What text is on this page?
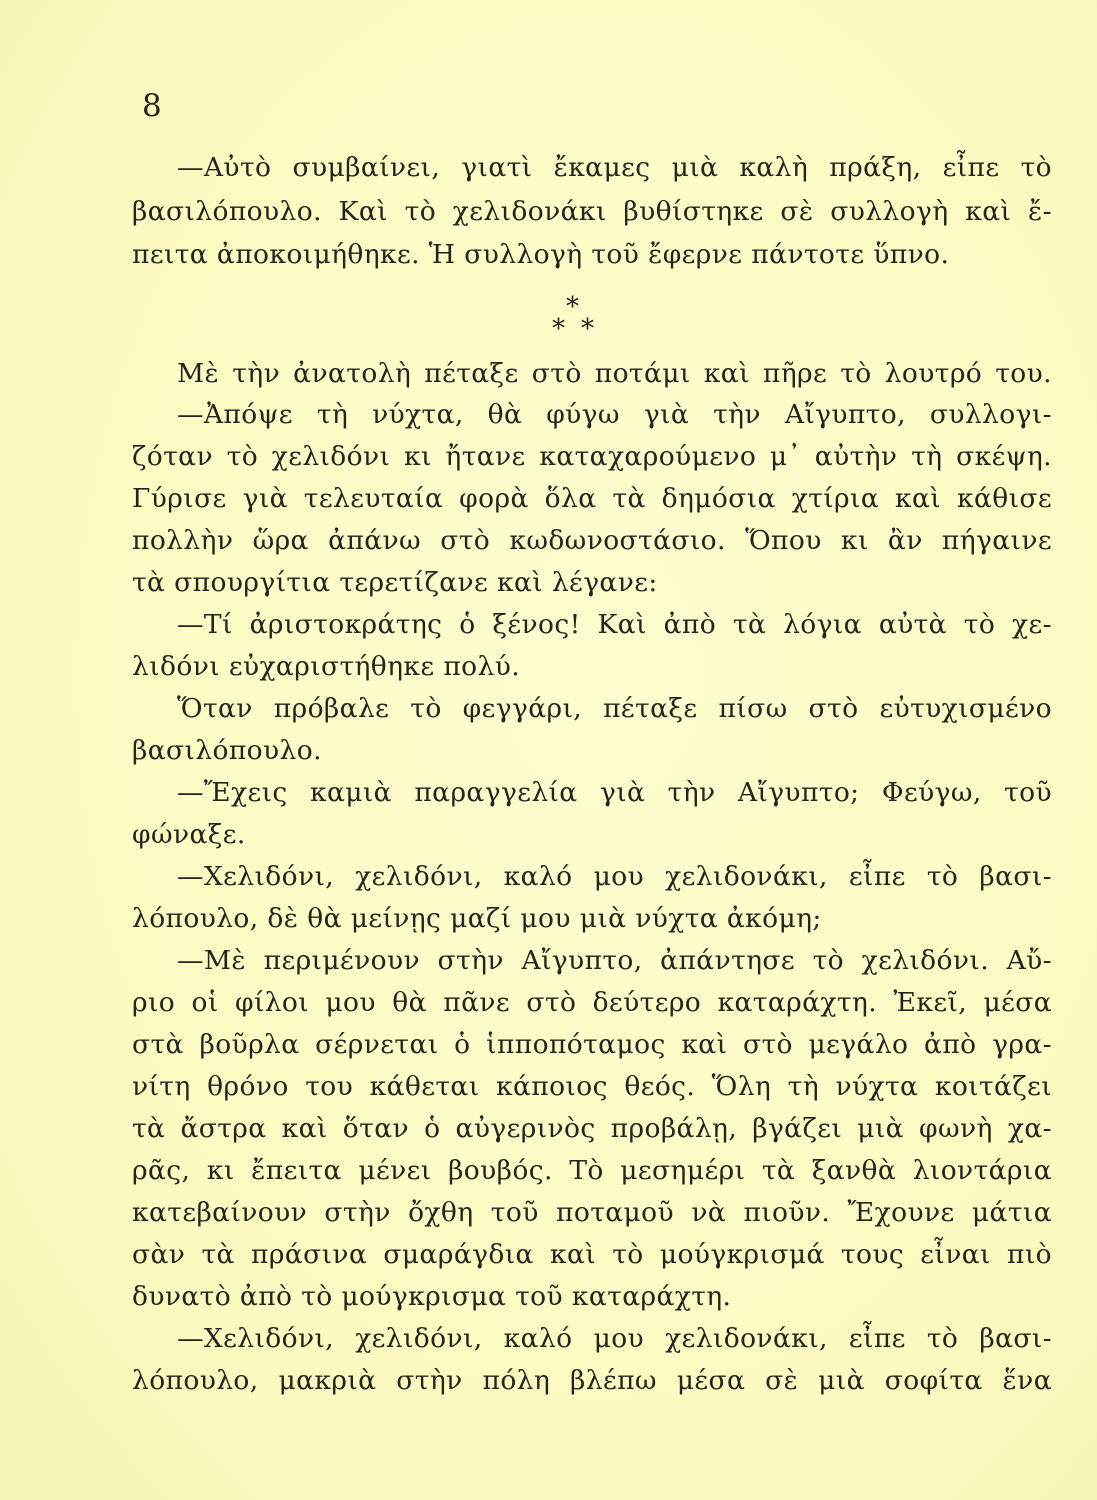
8
—Αὐτὸ συμβαίνει, γιατὶ ἔκαμες μιὰ καλὴ πράξη, εἶπε τὸ
βασιλόπουλο. Καὶ τὸ χελιδονάκι βυθίστηκε σὲ συλλογὴ καὶ ἔ-
πειτα ἀποκοιμήθηκε. Ἡ συλλογὴ τοῦ ἔφερνε πάντοτε ὕπνο.
*
* *
Μὲ τὴν ἀνατολὴ πέταξε στὸ ποτάμι καὶ πῆρε τὸ λουτρό του.
—Ἀπόψε τὴ νύχτα, θὰ φύγω γιὰ τὴν Αἴγυπτο, συλλογι-
ζόταν τὸ χελιδόνι κι ἤτανε καταχαρούμενο μ᾽ αὐτὴν τὴ σκέψη.
Γύρισε γιὰ τελευταία φορὰ ὅλα τὰ δημόσια χτίρια καὶ κάθισε
πολλὴν ὥρα ἀπάνω στὸ κωδωνοστάσιο. Ὅπου κι ἂν πήγαινε
τὰ σπουργίτια τερετίζανε καὶ λέγανε:
—Τί ἀριστοκράτης ὁ ξένος! Καὶ ἀπὸ τὰ λόγια αὐτὰ τὸ χε-
λιδόνι εὐχαριστήθηκε πολύ.
Ὅταν πρόβαλε τὸ φεγγάρι, πέταξε πίσω στὸ εὐτυχισμένο
βασιλόπουλο.
—Ἔχεις καμιὰ παραγγελία γιὰ τὴν Αἴγυπτο; Φεύγω, τοῦ
φώναξε.
—Χελιδόνι, χελιδόνι, καλό μου χελιδονάκι, εἶπε τὸ βασι-
λόπουλο, δὲ θὰ μείνῃς μαζί μου μιὰ νύχτα ἀκόμη;
—Μὲ περιμένουν στὴν Αἴγυπτο, ἀπάντησε τὸ χελιδόνι. Αὔ-
ριο οἱ φίλοι μου θὰ πᾶνε στὸ δεύτερο καταράχτη. Ἐκεῖ, μέσα
στὰ βοῦρλα σέρνεται ὁ ἱπποπόταμος καὶ στὸ μεγάλο ἀπὸ γρα-
νίτη θρόνο του κάθεται κάποιος θεός. Ὅλη τὴ νύχτα κοιτάζει
τὰ ἄστρα καὶ ὅταν ὁ αὐγερινὸς προβάλῃ, βγάζει μιὰ φωνὴ χα-
ρᾶς, κι ἔπειτα μένει βουβός. Τὸ μεσημέρι τὰ ξανθὰ λιοντάρια
κατεβαίνουν στὴν ὄχθη τοῦ ποταμοῦ νὰ πιοῦν. Ἔχουνε μάτια
σὰν τὰ πράσινα σμαράγδια καὶ τὸ μούγκρισμά τους εἶναι πιὸ
δυνατὸ ἀπὸ τὸ μούγκρισμα τοῦ καταράχτη.
—Χελιδόνι, χελιδόνι, καλό μου χελιδονάκι, εἶπε τὸ βασι-
λόπουλο, μακριὰ στὴν πόλη βλέπω μέσα σὲ μιὰ σοφίτα ἕνα
